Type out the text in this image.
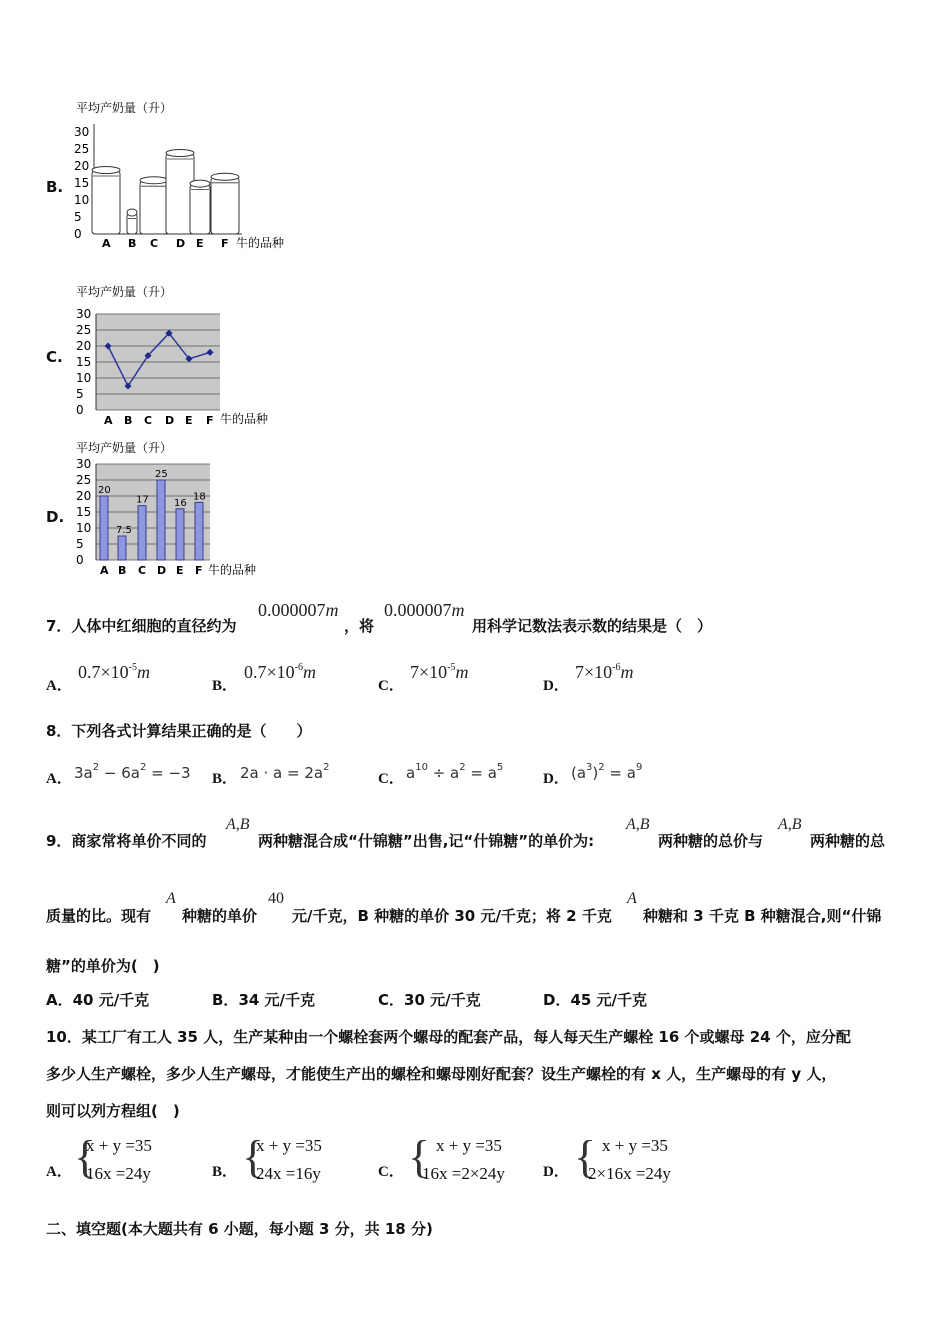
B.
平均产奶量（升）
30
25
20
15
10
5
0
A B C D E F 牛的品种
C.
平均产奶量（升）
30
25
20
15
10
5
0
A B C D E F 牛的品种
D.
平均产奶量（升）
30
25
20
15
10
5
0
20
7.5
17
25
16
18
A B C D E F 牛的品种
7．人体中红细胞的直径约为
0.000007m
，将
0.000007m
用科学记数法表示数的结果是（　）
A．
$0.7\times 10^{-5}m$
B．
$0.7\times 10^{-6}m$
C．
$7\times 10^{-5}m$
D．
$7\times 10^{-6}m$
8．下列各式计算结果正确的是（　　）
A． $3a^2 - 6a^2 = -3$ B． $2a \cdot a = 2a^2$
C． $a^{10} \div a^2 = a^5$
D． $(a^3)^2 = a^9$
9．商家常将单价不同的
A,B
两种糖混合成“什锦糖”出售,记“什锦糖”的单价为:
A,B
两种糖的总价与
A,B
两种糖的总
质量的比。现有
A
种糖的单价
40
元/千克，B 种糖的单价 30 元/千克；将 2 千克
A
种糖和 3 千克 B 种糖混合,则“什锦
糖”的单价为(　)
A．40 元/千克	B．34 元/千克	C．30 元/千克	D．45 元/千克
10．某工厂有工人 35 人，生产某种由一个螺栓套两个螺母的配套产品，每人每天生产螺栓 16 个或螺母 24 个，应分配
多少人生产螺栓，多少人生产螺母，才能使生产出的螺栓和螺母刚好配套？设生产螺栓的有 x 人，生产螺母的有 y 人，
则可以列方程组(　)
A． {
x + y =35
16x =24y	B． {
x + y =35
24x =16y	C． { x + y =35
16x =2×24y	D． { x + y =35
2×16x =24y
二、填空题(本大题共有 6 小题，每小题 3 分，共 18 分)
